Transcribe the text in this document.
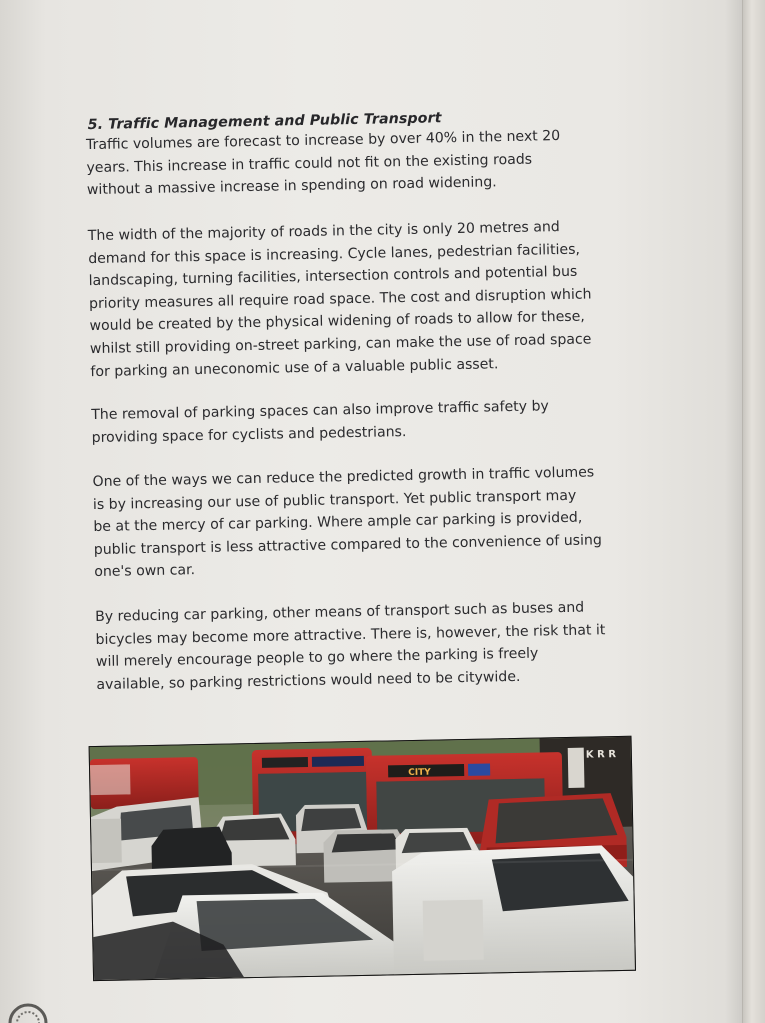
5. Traffic Management and Public Transport

Traffic volumes are forecast to increase by over 40% in the next 20
years. This increase in traffic could not fit on the existing roads
without a massive increase in spending on road widening.

The width of the majority of roads in the city is only 20 metres and
demand for this space is increasing. Cycle lanes, pedestrian facilities,
landscaping, turning facilities, intersection controls and potential bus
priority measures all require road space. The cost and disruption which
would be created by the physical widening of roads to allow for these,
whilst still providing on-street parking, can make the use of road space
for parking an uneconomic use of a valuable public asset.

The removal of parking spaces can also improve traffic safety by
providing space for cyclists and pedestrians.

One of the ways we can reduce the predicted growth in traffic volumes
is by increasing our use of public transport. Yet public transport may
be at the mercy of car parking. Where ample car parking is provided,
public transport is less attractive compared to the convenience of using
one's own car.

By reducing car parking, other means of transport such as buses and
bicycles may become more attractive. There is, however, the risk that it
will merely encourage people to go where the parking is freely
available, so parking restrictions would need to be citywide.

K R R
CITY
